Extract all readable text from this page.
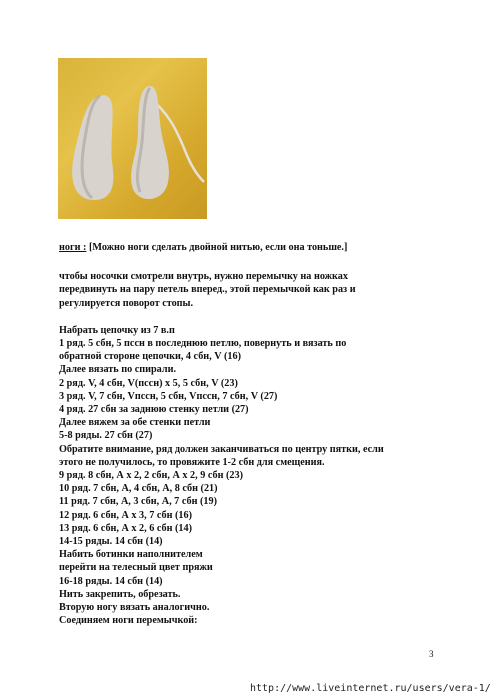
ноги : [Можно ноги сделать двойной нитью, если она тоньше.]

чтобы носочки смотрели внутрь, нужно перемычку на ножках

передвинуть на пару петель вперед., этой перемычкой как раз и

регулируется поворот стопы.

Набрать цепочку из 7 в.п

1 ряд. 5 сбн, 5 пссн в последнюю петлю, повернуть и вязать по

обратной стороне цепочки, 4 сбн, V (16)

Далее вязать по спирали.

2 ряд. V, 4 сбн, V(пссн) х 5, 5 сбн, V (23)

3 ряд. V, 7 сбн, Vпссн, 5 сбн, Vпссн, 7 сбн, V (27)

4 ряд. 27 сбн за заднюю стенку петли (27)

Далее вяжем за обе стенки петли

5-8 ряды. 27 сбн (27)

Обратите внимание, ряд должен заканчиваться по центру пятки, если

этого не получилось, то провяжите 1-2 сбн для смещения.

9 ряд. 8 сбн, А х 2, 2 сбн, А х 2, 9 сбн (23)

10 ряд. 7 сбн, А, 4 сбн, А, 8 сбн (21)

11 ряд. 7 сбн, А, 3 сбн, А, 7 сбн (19)

12 ряд. 6 сбн, А х 3, 7 сбн (16)

13 ряд. 6 сбн, А х 2, 6 сбн (14)

14-15 ряды. 14 сбн (14)

Набить ботинки наполнителем

перейти на телесный цвет пряжи

16-18 ряды. 14 сбн (14)

Нить закрепить, обрезать.

Вторую ногу вязать аналогично.

Соединяем ноги перемычкой:

3
http://www.liveinternet.ru/users/vera-1/
